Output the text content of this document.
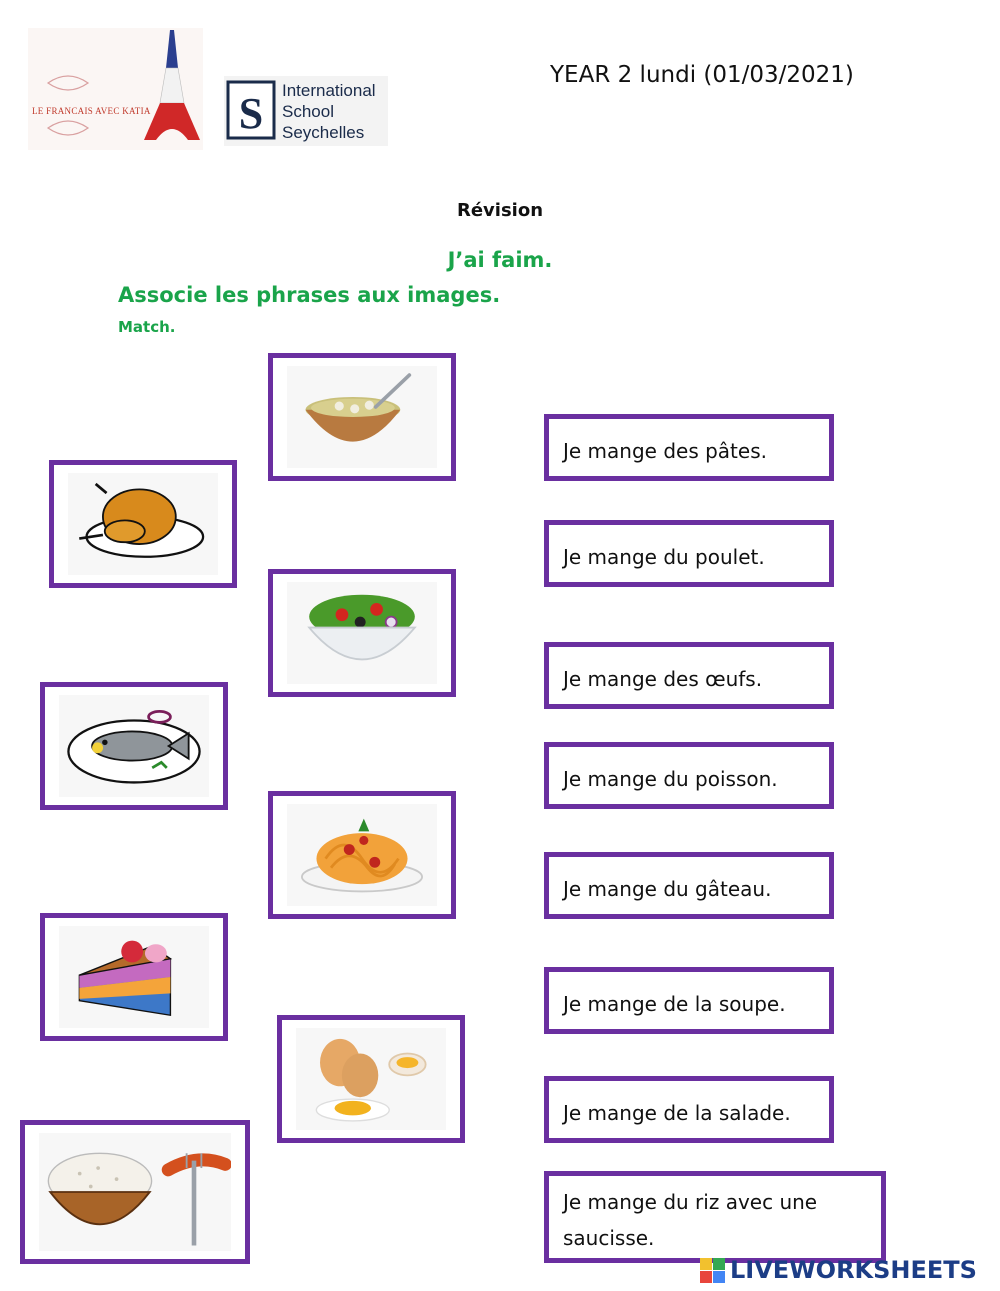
LE FRANCAIS AVEC KATIA S International
School
Seychelles
YEAR 2 lundi (01/03/2021)
Révision
J’ai faim.
Associe les phrases aux images.
Match.
Je mange des pâtes.
Je mange du poulet.
Je mange des œufs.
Je mange du poisson.
Je mange du gâteau.
Je mange de la soupe.
Je mange de la salade.
Je mange du riz avec une saucisse.
LIVEWORKSHEETS
